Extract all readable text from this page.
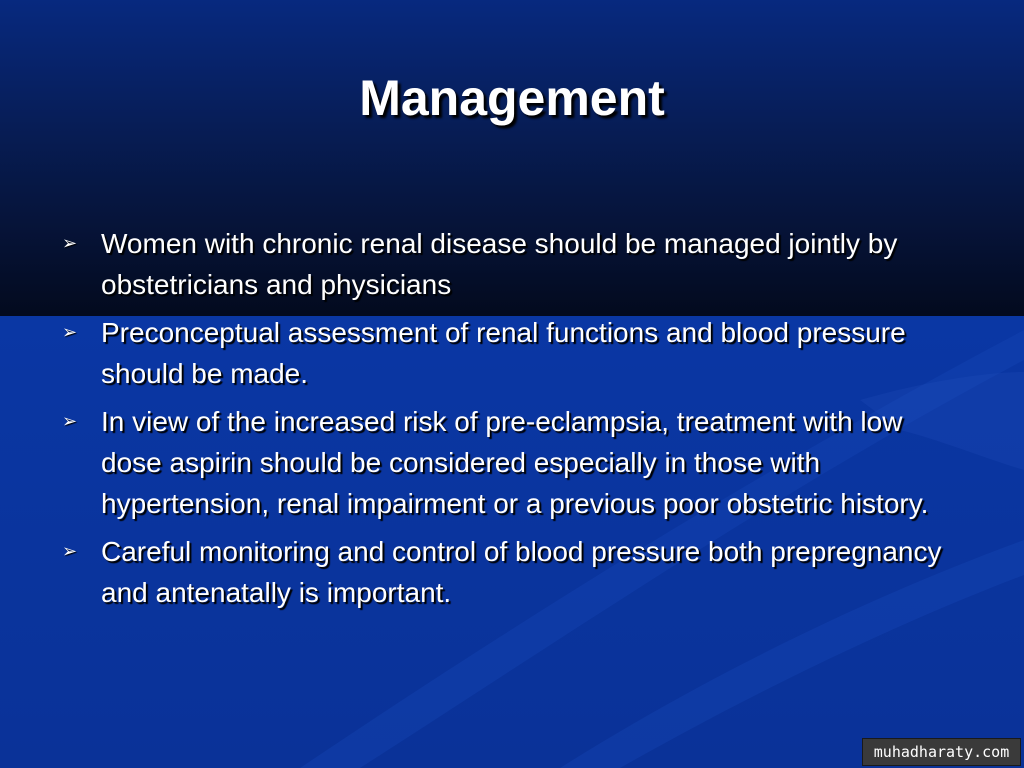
Management
➢ Women with chronic renal disease should be managed jointly by obstetricians and physicians
➢ Preconceptual assessment of renal functions and blood pressure should be made.
➢ In view of the increased risk of pre-eclampsia, treatment with low dose aspirin should be considered especially in those with hypertension, renal impairment or a previous poor obstetric history.
➢ Careful monitoring and control of blood pressure both prepregnancy and antenatally is important.
muhadharaty.com
